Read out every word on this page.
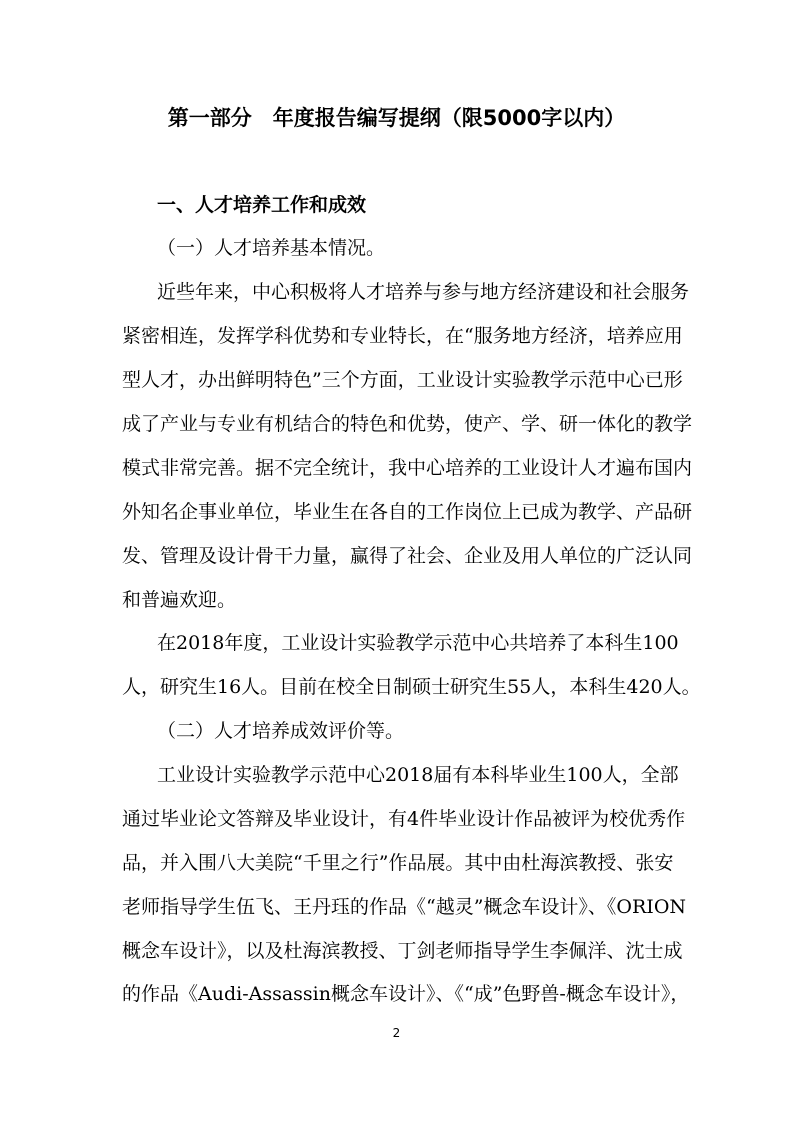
第一部分　年度报告编写提纲（限5000字以内）
一、人才培养工作和成效
（一）人才培养基本情况。
近些年来，中心积极将人才培养与参与地方经济建设和社会服务
紧密相连，发挥学科优势和专业特长，在“服务地方经济，培养应用
型人才，办出鲜明特色”三个方面，工业设计实验教学示范中心已形
成了产业与专业有机结合的特色和优势，使产、学、研一体化的教学
模式非常完善。据不完全统计，我中心培养的工业设计人才遍布国内
外知名企事业单位，毕业生在各自的工作岗位上已成为教学、产品研
发、管理及设计骨干力量，赢得了社会、企业及用人单位的广泛认同
和普遍欢迎。
在2018年度，工业设计实验教学示范中心共培养了本科生100
人，研究生16人。目前在校全日制硕士研究生55人，本科生420人。
（二）人才培养成效评价等。
工业设计实验教学示范中心2018届有本科毕业生100人，全部
通过毕业论文答辩及毕业设计，有4件毕业设计作品被评为校优秀作
品，并入围八大美院“千里之行”作品展。其中由杜海滨教授、张安
老师指导学生伍飞、王丹珏的作品《“越灵”概念车设计》、《ORION
概念车设计》，以及杜海滨教授、丁剑老师指导学生李佩洋、沈士成
的作品《Audi-Assassin概念车设计》、《“成”色野兽-概念车设计》，
2
